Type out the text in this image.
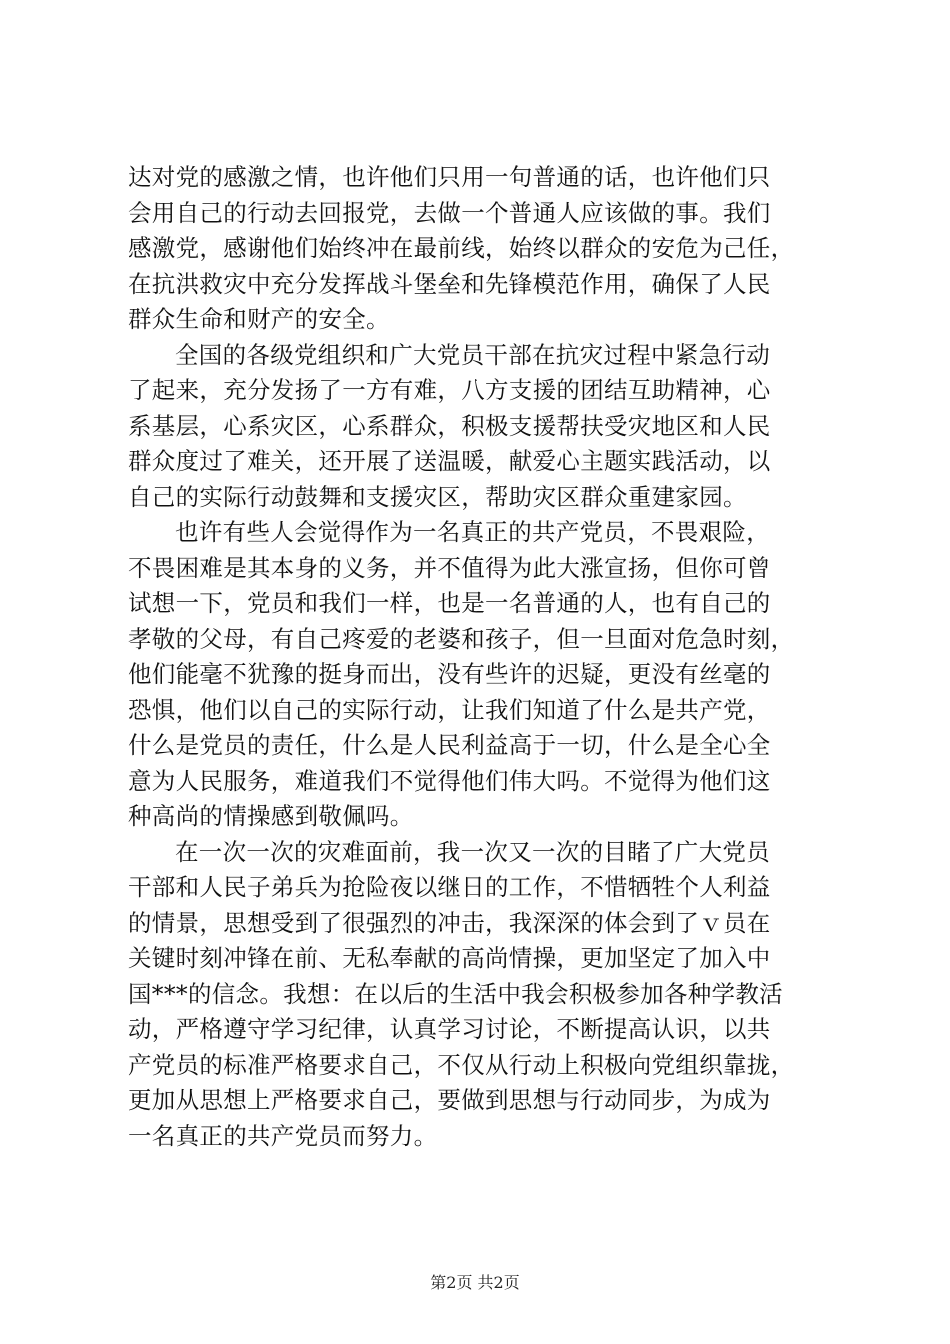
达对党的感激之情，也许他们只用一句普通的话，也许他们只
会用自己的行动去回报党，去做一个普通人应该做的事。我们
感激党，感谢他们始终冲在最前线，始终以群众的安危为己任，
在抗洪救灾中充分发挥战斗堡垒和先锋模范作用，确保了人民
群众生命和财产的安全。
全国的各级党组织和广大党员干部在抗灾过程中紧急行动
了起来，充分发扬了一方有难，八方支援的团结互助精神，心
系基层，心系灾区，心系群众，积极支援帮扶受灾地区和人民
群众度过了难关，还开展了送温暖，献爱心主题实践活动，以
自己的实际行动鼓舞和支援灾区，帮助灾区群众重建家园。
也许有些人会觉得作为一名真正的共产党员，不畏艰险，
不畏困难是其本身的义务，并不值得为此大涨宣扬，但你可曾
试想一下，党员和我们一样，也是一名普通的人，也有自己的
孝敬的父母，有自己疼爱的老婆和孩子，但一旦面对危急时刻，
他们能毫不犹豫的挺身而出，没有些许的迟疑，更没有丝毫的
恐惧，他们以自己的实际行动，让我们知道了什么是共产党，
什么是党员的责任，什么是人民利益高于一切，什么是全心全
意为人民服务，难道我们不觉得他们伟大吗。不觉得为他们这
种高尚的情操感到敬佩吗。
在一次一次的灾难面前，我一次又一次的目睹了广大党员
干部和人民子弟兵为抢险夜以继日的工作，不惜牺牲个人利益
的情景，思想受到了很强烈的冲击，我深深的体会到了ｖ员在
关键时刻冲锋在前、无私奉献的高尚情操，更加坚定了加入中
国***的信念。我想：在以后的生活中我会积极参加各种学教活
动，严格遵守学习纪律，认真学习讨论，不断提高认识，以共
产党员的标准严格要求自己，不仅从行动上积极向党组织靠拢，
更加从思想上严格要求自己，要做到思想与行动同步，为成为
一名真正的共产党员而努力。
第2页 共2页
